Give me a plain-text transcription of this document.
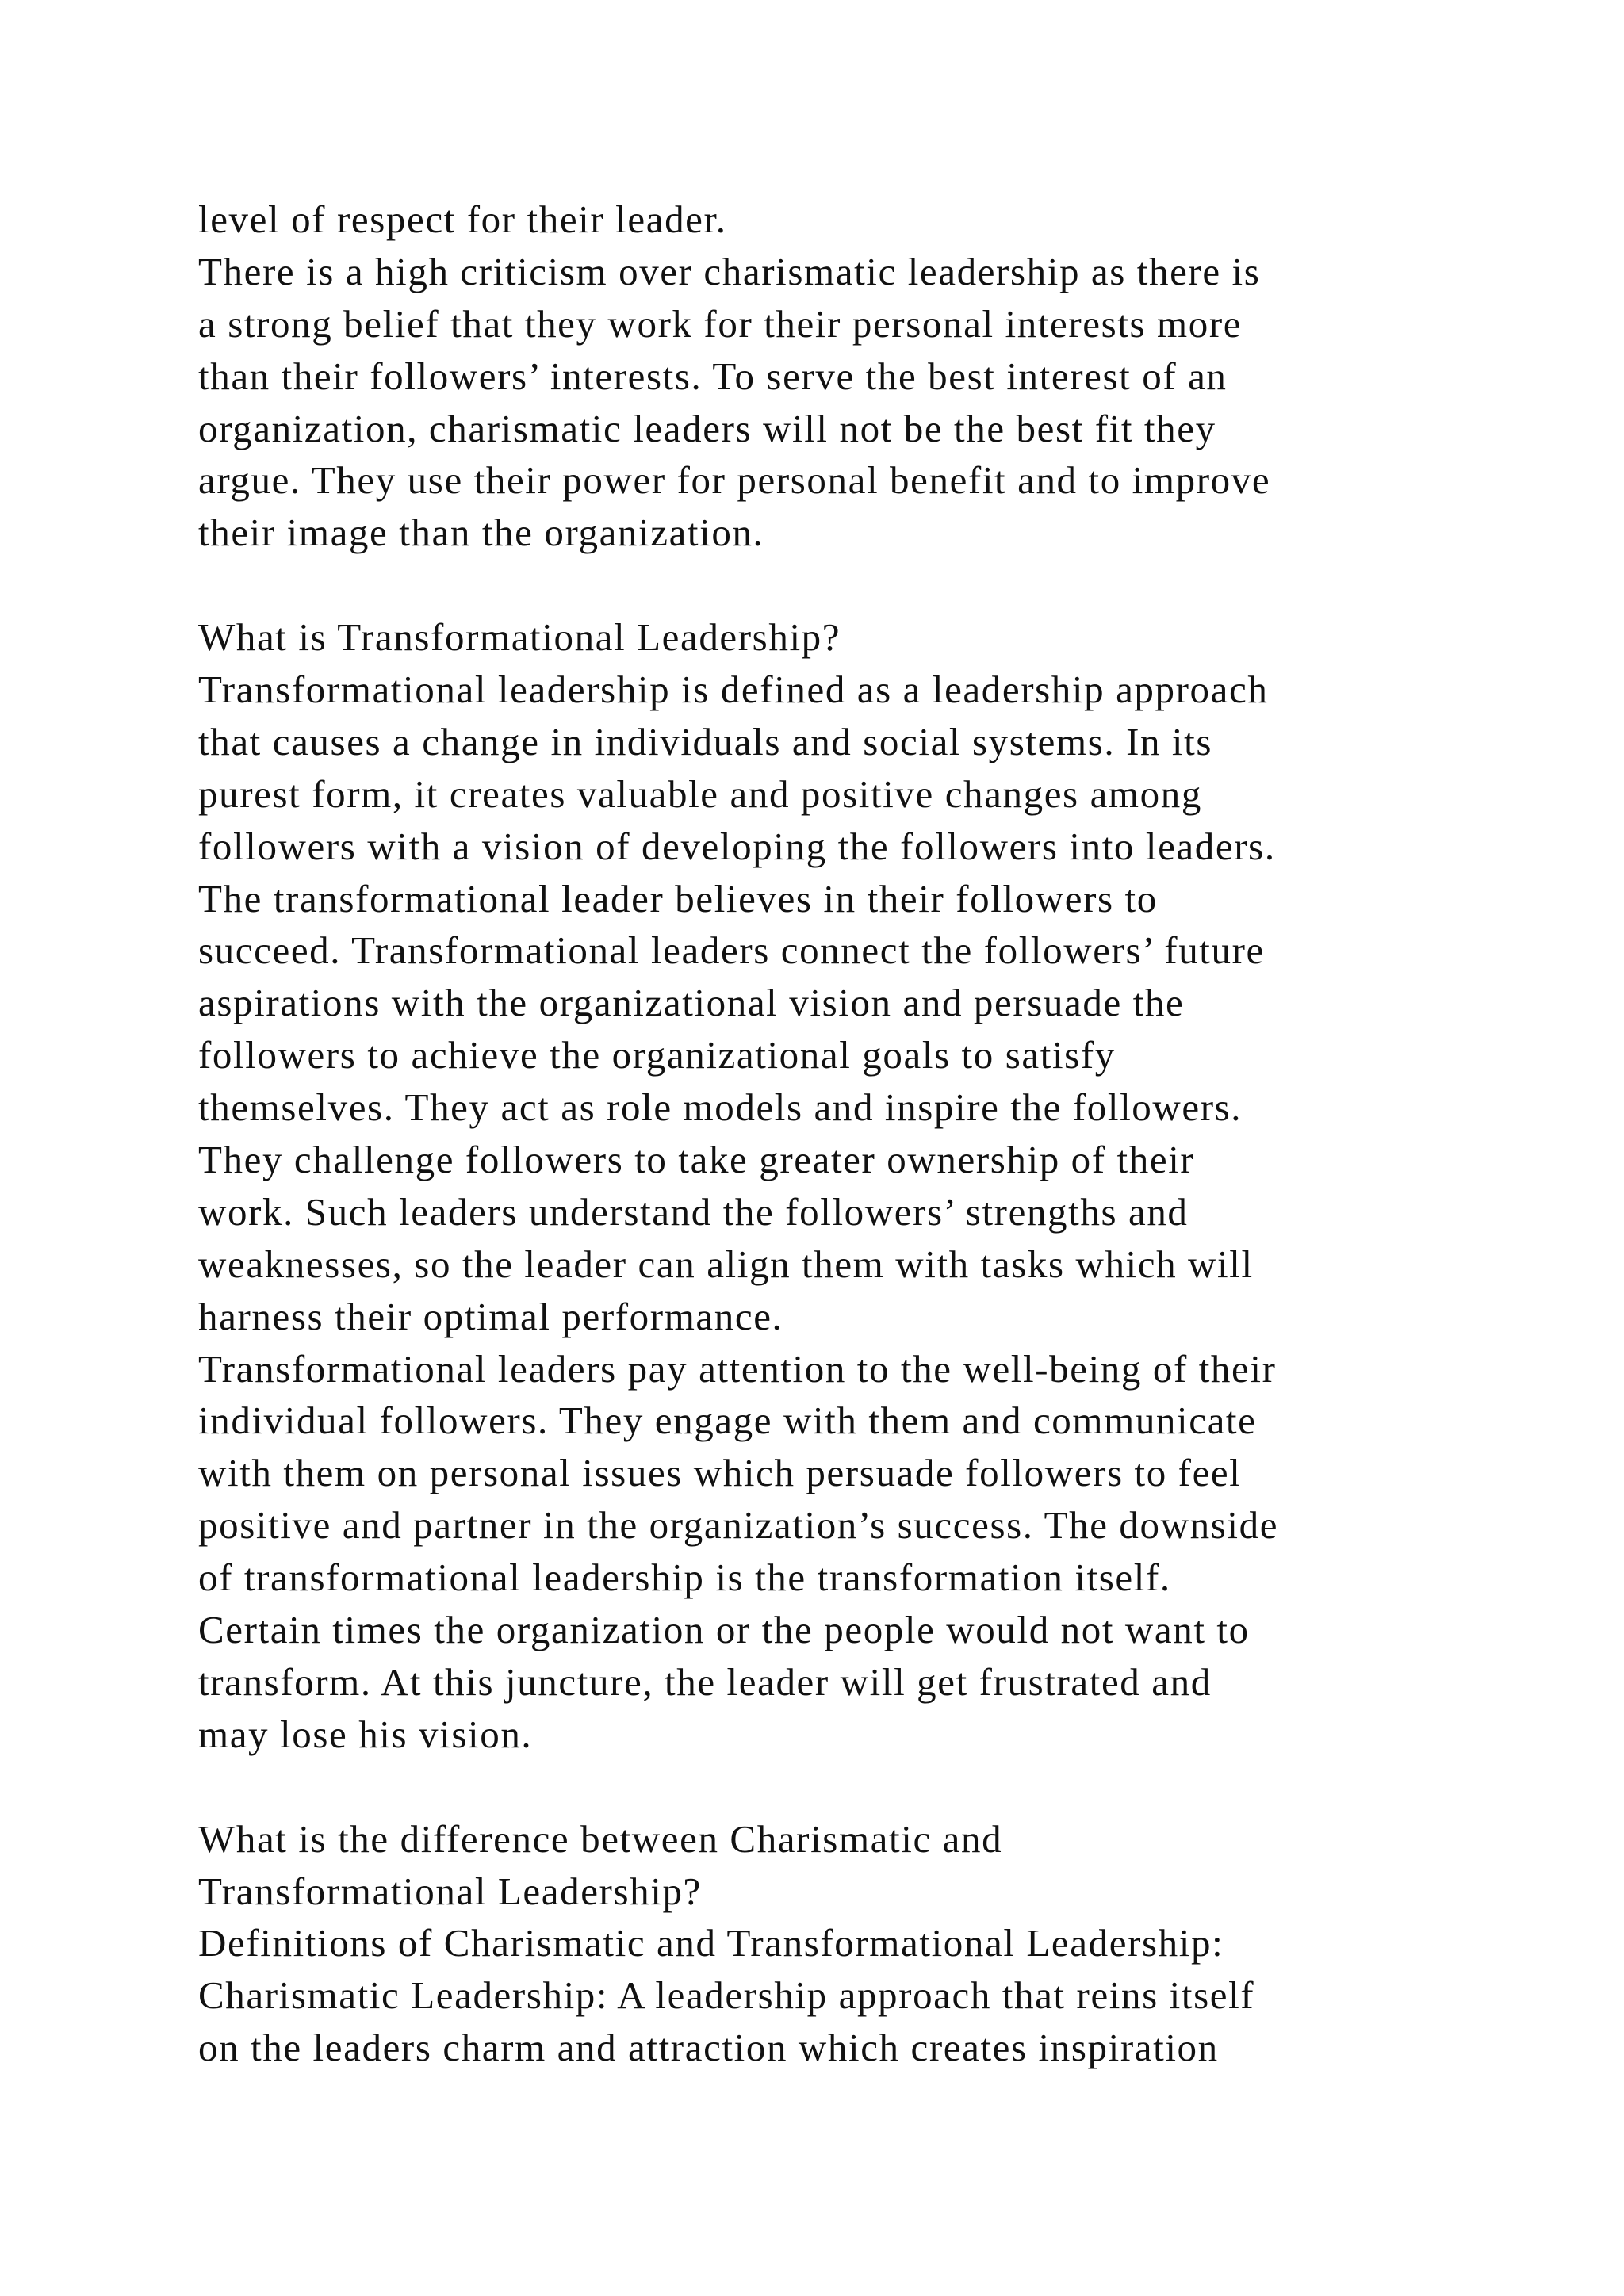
level of respect for their leader.
There is a high criticism over charismatic leadership as there is
a strong belief that they work for their personal interests more
than their followers’ interests. To serve the best interest of an
organization, charismatic leaders will not be the best fit they
argue. They use their power for personal benefit and to improve
their image than the organization.
What is Transformational Leadership?
Transformational leadership is defined as a leadership approach
that causes a change in individuals and social systems. In its
purest form, it creates valuable and positive changes among
followers with a vision of developing the followers into leaders.
The transformational leader believes in their followers to
succeed. Transformational leaders connect the followers’ future
aspirations with the organizational vision and persuade the
followers to achieve the organizational goals to satisfy
themselves. They act as role models and inspire the followers.
They challenge followers to take greater ownership of their
work. Such leaders understand the followers’ strengths and
weaknesses, so the leader can align them with tasks which will
harness their optimal performance.
Transformational leaders pay attention to the well-being of their
individual followers. They engage with them and communicate
with them on personal issues which persuade followers to feel
positive and partner in the organization’s success. The downside
of transformational leadership is the transformation itself.
Certain times the organization or the people would not want to
transform. At this juncture, the leader will get frustrated and
may lose his vision.
What is the difference between Charismatic and
Transformational Leadership?
Definitions of Charismatic and Transformational Leadership:
Charismatic Leadership: A leadership approach that reins itself
on the leaders charm and attraction which creates inspiration
